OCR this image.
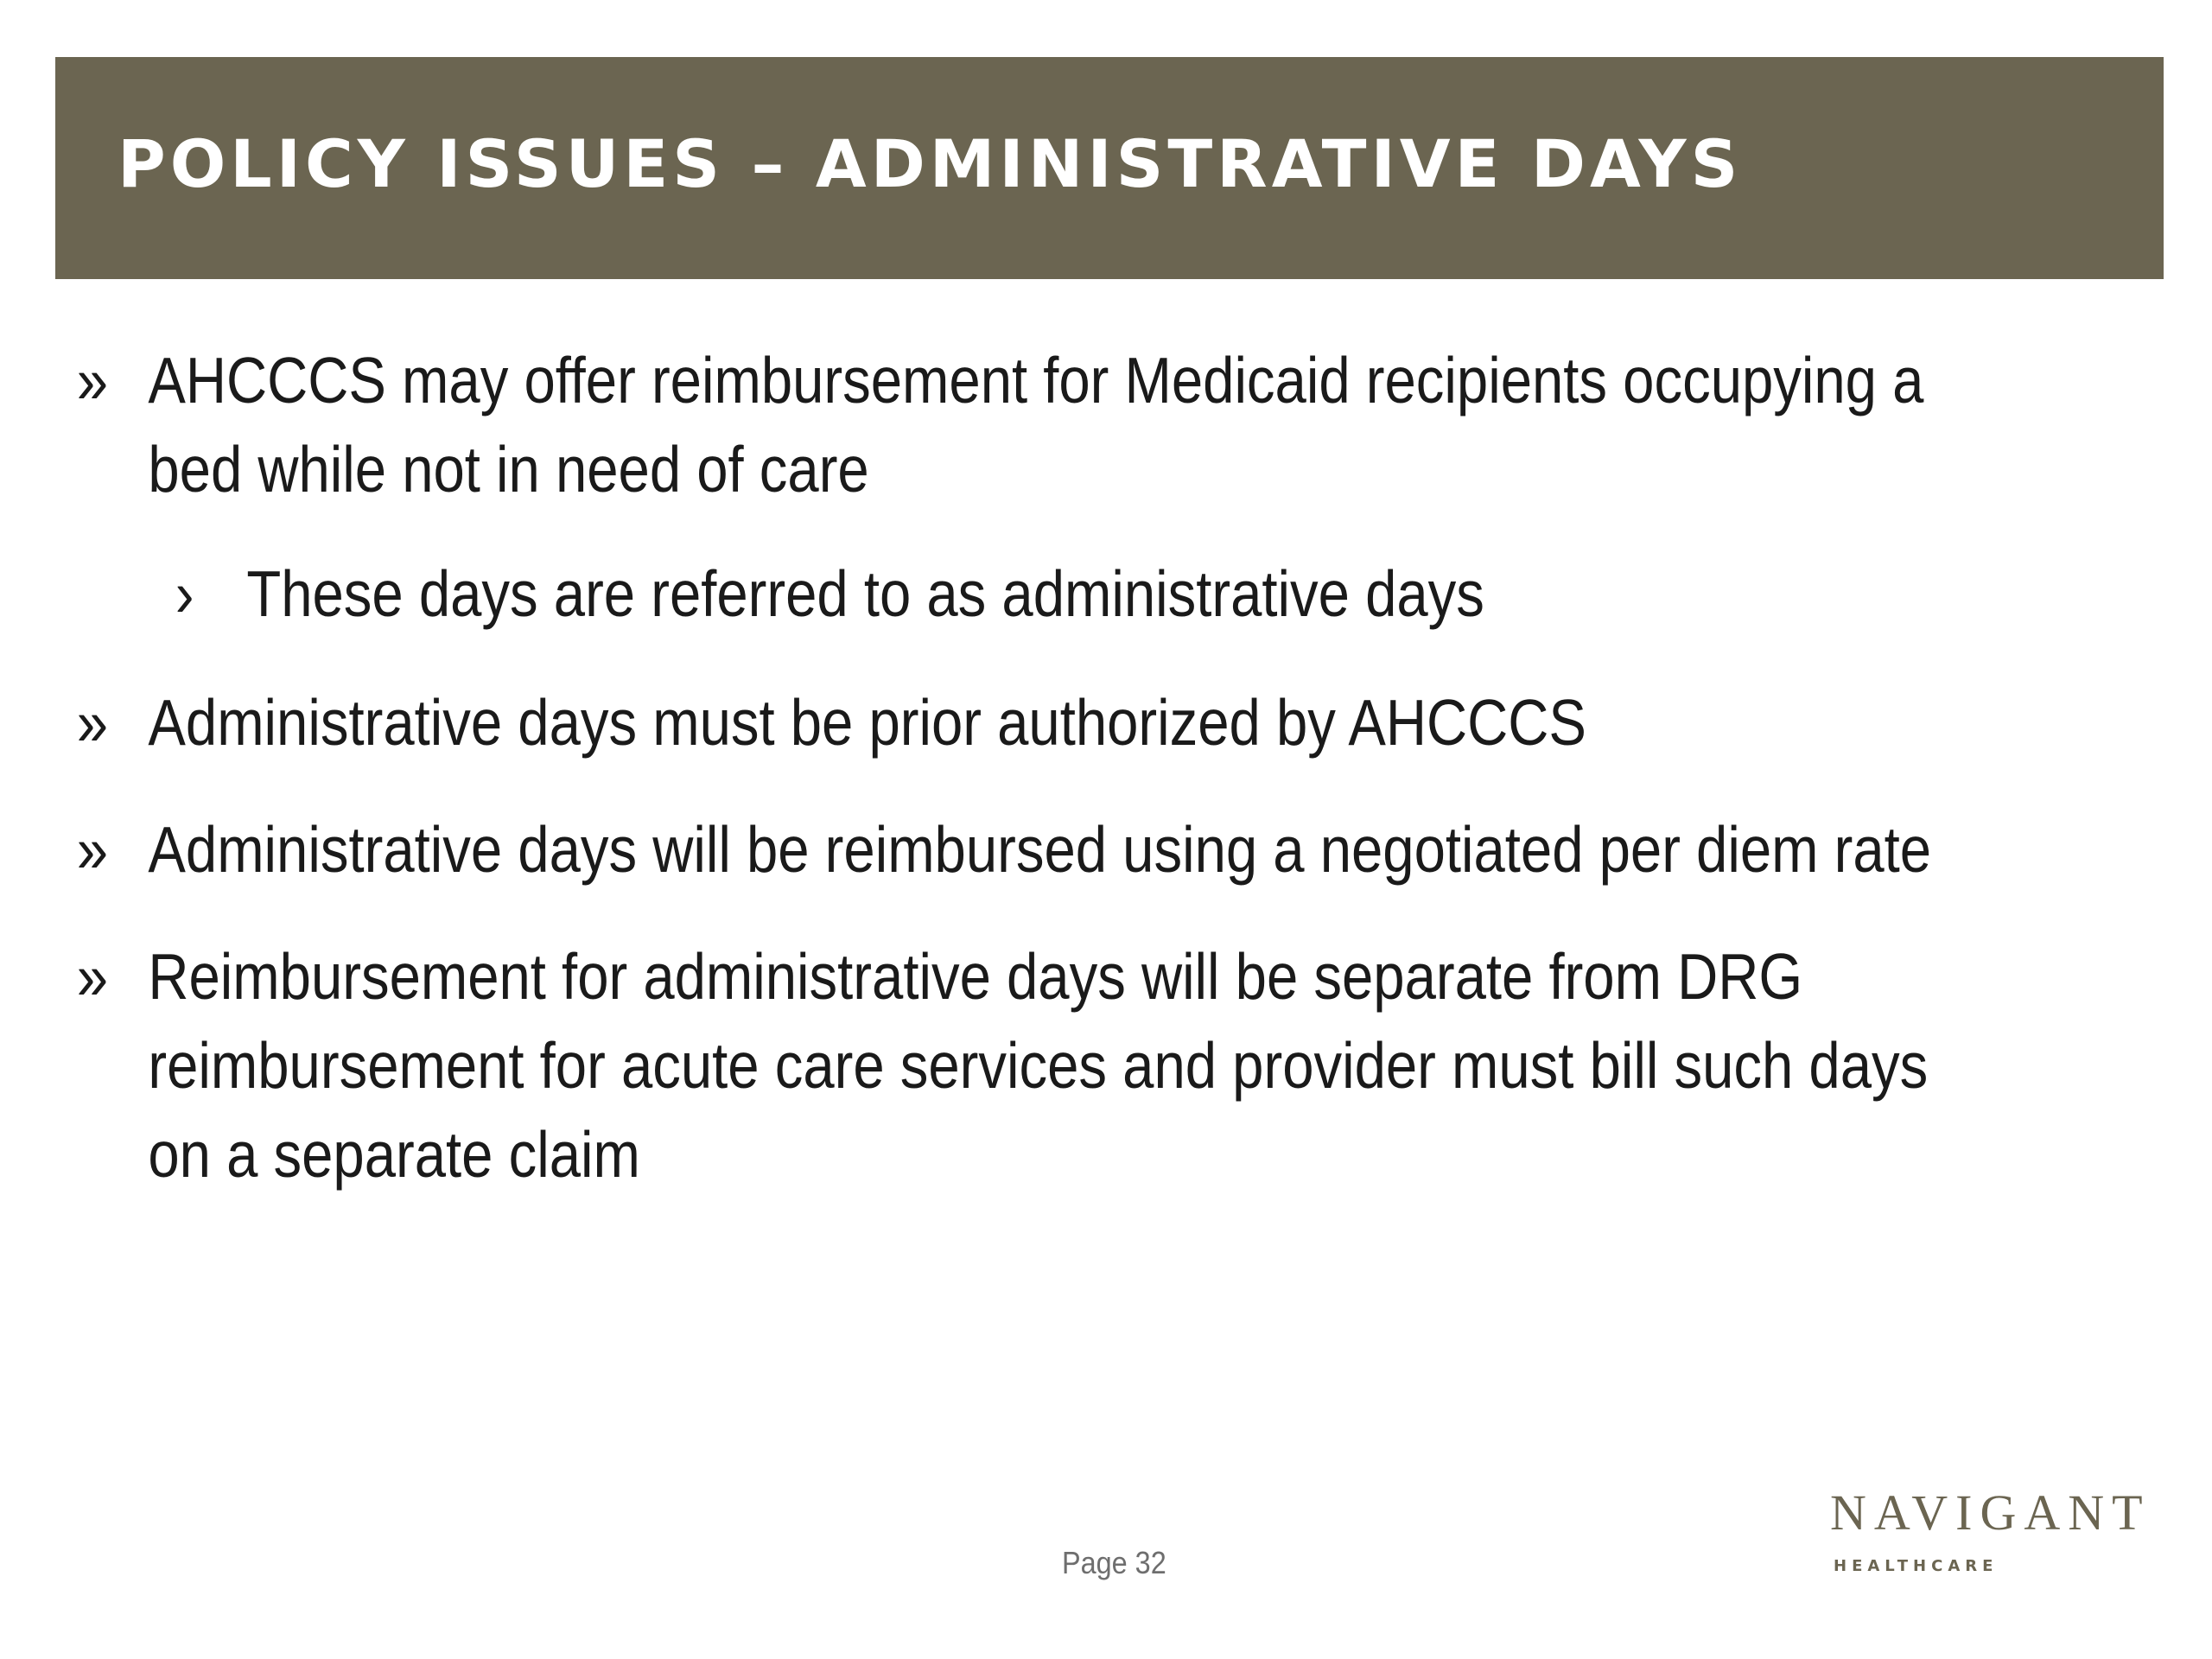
POLICY ISSUES – ADMINISTRATIVE DAYS
» AHCCCS may offer reimbursement for Medicaid recipients occupying a
bed while not in need of care
› These days are referred to as administrative days
» Administrative days must be prior authorized by AHCCCS
» Administrative days will be reimbursed using a negotiated per diem rate
» Reimbursement for administrative days will be separate from DRG
reimbursement for acute care services and provider must bill such days
on a separate claim
Page 32
NAVIGANT
HEALTHCARE
